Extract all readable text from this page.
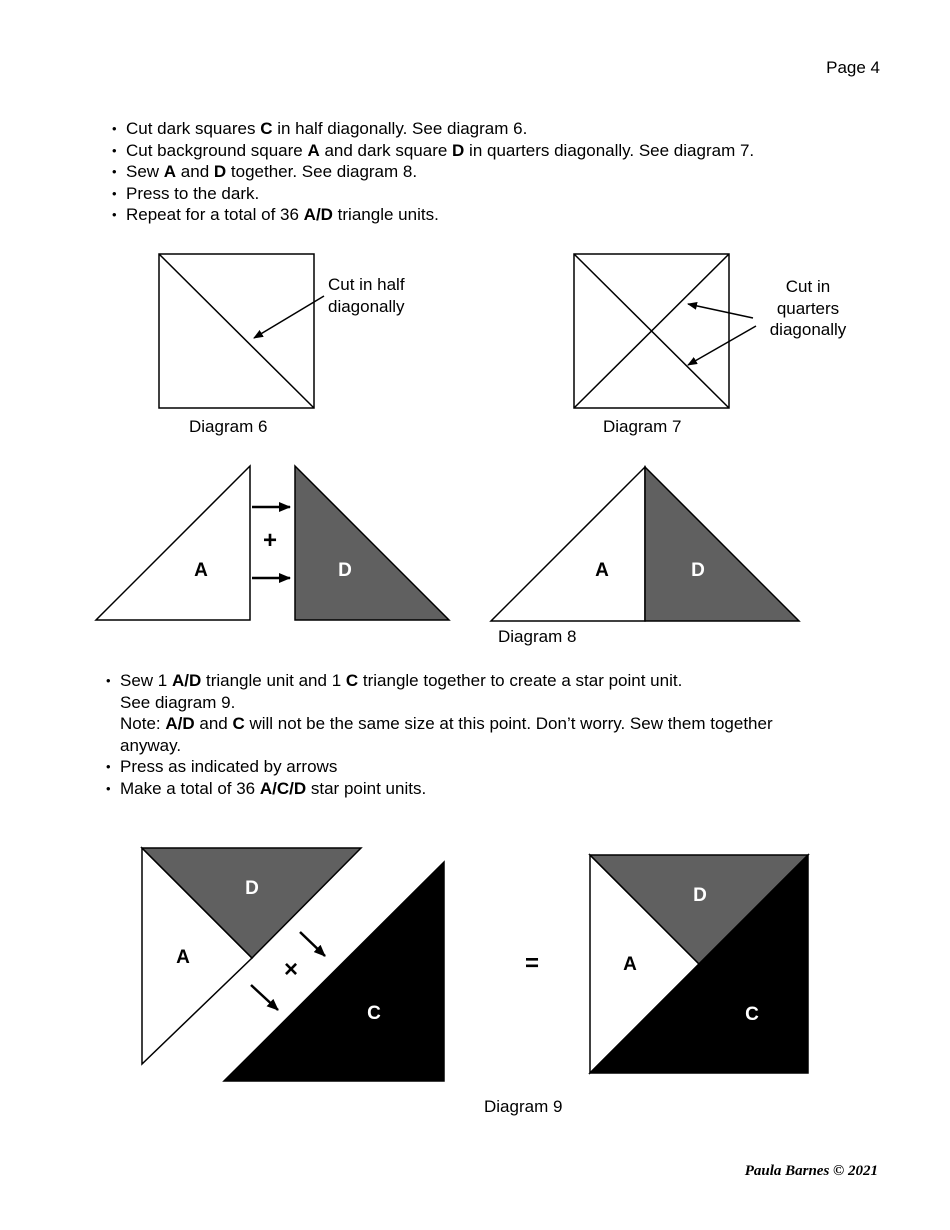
Page 4
• Cut dark squares C in half diagonally. See diagram 6.
• Cut background square A and dark square D in quarters diagonally. See diagram 7.
• Sew A and D together. See diagram 8.
• Press to the dark.
• Repeat for a total of 36 A/D triangle units.
Cut in half
diagonally
Cut in
quarters
diagonally
+
A	D	A	D
×
D
A
C
=
D
A
C
Diagram 6	Diagram 7
Diagram 8
• Sew 1 A/D triangle unit and 1 C triangle together to create a star point unit.
See diagram 9.
Note: A/D and C will not be the same size at this point. Don’t worry. Sew them together
anyway.
• Press as indicated by arrows
• Make a total of 36 A/C/D star point units.
Diagram 9
Paula Barnes © 2021
